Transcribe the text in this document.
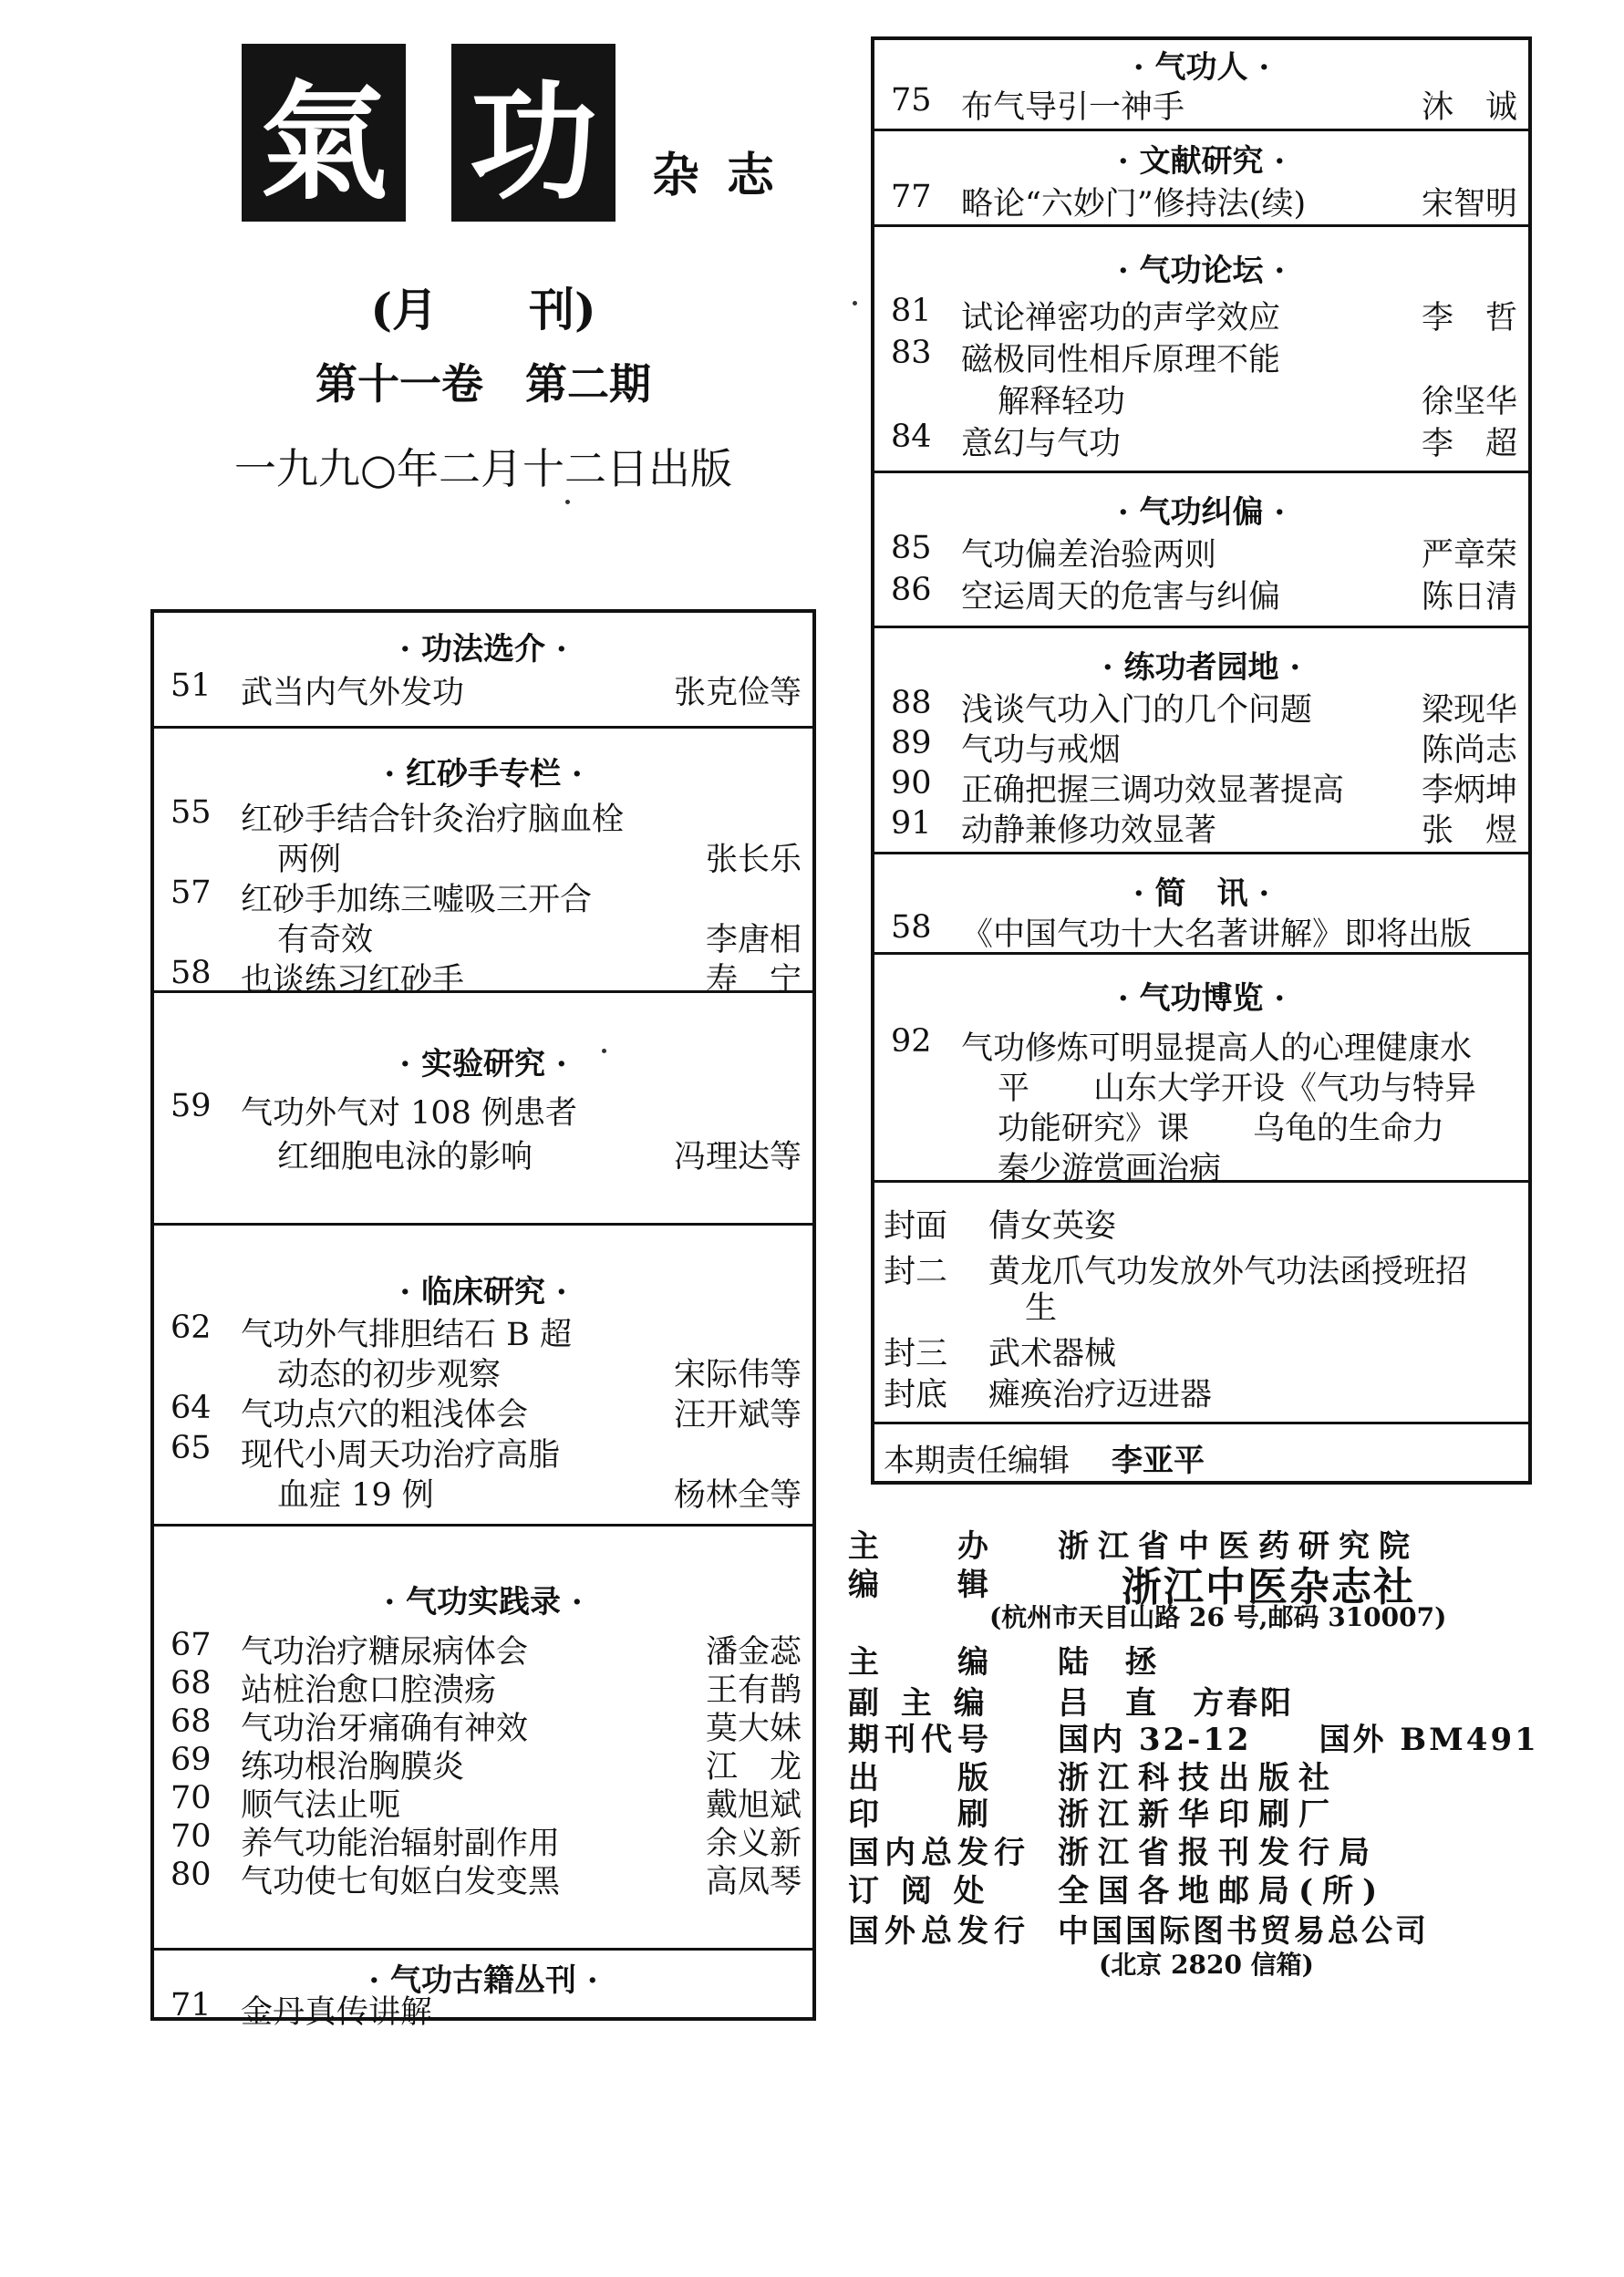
氣 功	杂志
(月　　刊)
第十一卷　第二期
一九九○年二月十二日出版
· 功法选介 ·
51 武当内气外发功	张克俭等
· 红砂手专栏 ·
55 红砂手结合针灸治疗脑血栓
两例	张长乐
57 红砂手加练三嘘吸三开合
有奇效	李唐相
58 也谈练习红砂手	寿　宁
· 实验研究 ·
59 气功外气对 108 例患者
红细胞电泳的影响	冯理达等
· 临床研究 ·
62 气功外气排胆结石 B 超
动态的初步观察	宋际伟等
64 气功点穴的粗浅体会	汪开斌等
65 现代小周天功治疗高脂
血症 19 例	杨林全等
· 气功实践录 ·
67 气功治疗糖尿病体会	潘金蕊
68 站桩治愈口腔溃疡	王有鹊
68 气功治牙痛确有神效	莫大妹
69 练功根治胸膜炎	江　龙
70 顺气法止呃	戴旭斌
70 养气功能治辐射副作用	余义新
80 气功使七旬妪白发变黑	高凤琴
· 气功古籍丛刊 ·
71 金丹真传讲解
封面 倩女英姿
封二 黄龙爪气功发放外气功法函授班招
生
封三 武术器械
封底 瘫痪治疗迈进器
本期责任编辑 李亚平
· 气功人 ·
75 布气导引一神手	沐　诚
· 文献研究 ·
77 略论“六妙门”修持法(续)	宋智明
· 气功论坛 ·
81 试论禅密功的声学效应	李　哲
83 磁极同性相斥原理不能
解释轻功	徐坚华
84 意幻与气功	李　超
· 气功纠偏 ·
85 气功偏差治验两则	严章荣
86 空运周天的危害与纠偏	陈日清
· 练功者园地 ·
88 浅谈气功入门的几个问题	梁现华
89 气功与戒烟	陈尚志
90 正确把握三调功效显著提高 李炳坤
91 动静兼修功效显著	张　煜
· 简　讯 ·
58 《中国气功十大名著讲解》即将出版
· 气功博览 ·
92 气功修炼可明显提高人的心理健康水
平　　山东大学开设《气功与特异
功能研究》课　　乌龟的生命力
秦少游赏画治病
主　　办	浙江省中医药研究院
编　　辑	浙江中医杂志社
(杭州市天目山路 26 号,邮码 310007)
主　　编	陆　拯
副 主 编	吕　直　方春阳
期刊代号	国内 32-12　　国外 BM491
出　　版	浙江科技出版社
印　　刷	浙江新华印刷厂
国内总发行 浙江省报刊发行局
订 阅 处	全国各地邮局(所)
国外总发行 中国国际图书贸易总公司
(北京 2820 信箱)
